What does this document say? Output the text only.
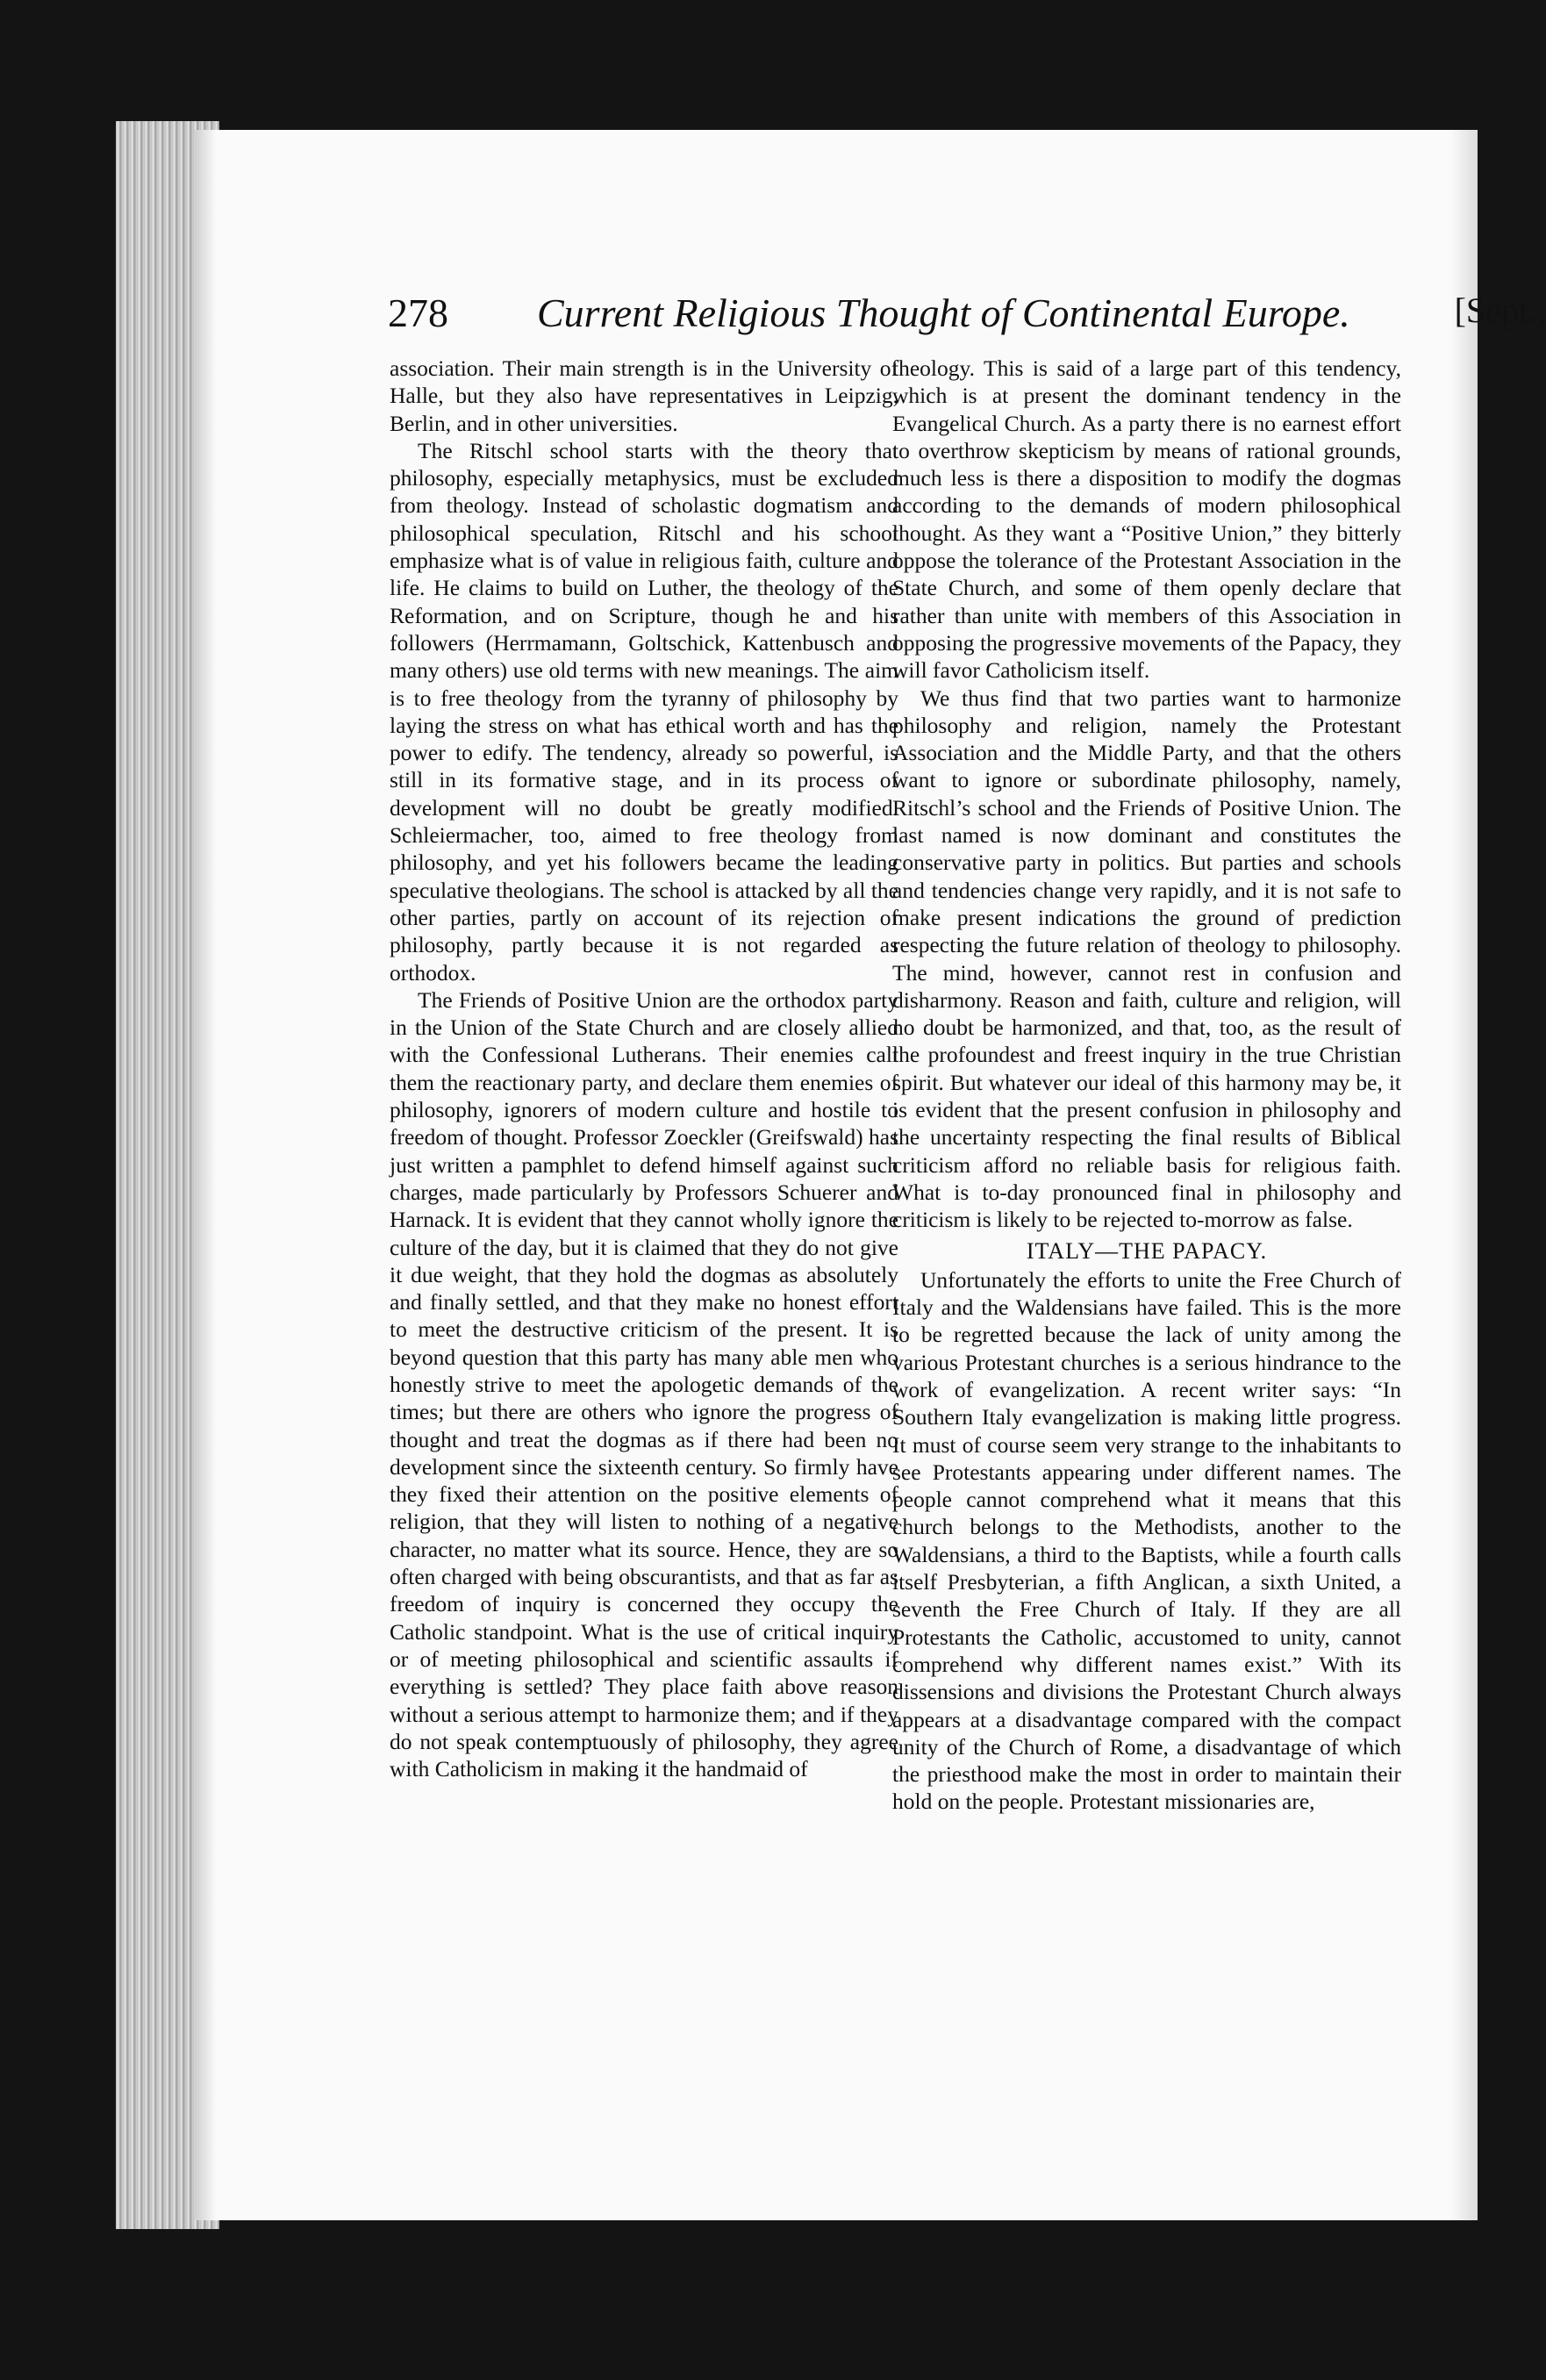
278 Current Religious Thought of Continental Europe.	[Sept.,

association. Their main strength is in the University of Halle, but they also have representatives in Leipzig, Berlin, and in other universities.

The Ritschl school starts with the theory that philosophy, especially metaphysics, must be excluded from theology. Instead of scholastic dogmatism and philosophical speculation, Ritschl and his school emphasize what is of value in religious faith, culture and life. He claims to build on Luther, the theology of the Reformation, and on Scripture, though he and his followers (Herrmamann, Goltschick, Kattenbusch and many others) use old terms with new meanings. The aim is to free theology from the tyranny of philosophy by laying the stress on what has ethical worth and has the power to edify. The tendency, already so powerful, is still in its formative stage, and in its process of development will no doubt be greatly modified. Schleiermacher, too, aimed to free theology from philosophy, and yet his followers became the leading speculative theologians. The school is attacked by all the other parties, partly on account of its rejection of philosophy, partly because it is not regarded as orthodox.

The Friends of Positive Union are the orthodox party in the Union of the State Church and are closely allied with the Confessional Lutherans. Their enemies call them the reactionary party, and declare them enemies of philosophy, ignorers of modern culture and hostile to freedom of thought. Professor Zoeckler (Greifswald) has just written a pamphlet to defend himself against such charges, made particularly by Professors Schuerer and Harnack. It is evident that they cannot wholly ignore the culture of the day, but it is claimed that they do not give it due weight, that they hold the dogmas as absolutely and finally settled, and that they make no honest effort to meet the destructive criticism of the present. It is beyond question that this party has many able men who honestly strive to meet the apologetic demands of the times; but there are others who ignore the progress of thought and treat the dogmas as if there had been no development since the sixteenth century. So firmly have they fixed their attention on the positive elements of religion, that they will listen to nothing of a negative character, no matter what its source. Hence, they are so often charged with being obscurantists, and that as far as freedom of inquiry is concerned they occupy the Catholic standpoint. What is the use of critical inquiry or of meeting philosophical and scientific assaults if everything is settled? They place faith above reason without a serious attempt to harmonize them; and if they do not speak contemptuously of philosophy, they agree with Catholicism in making it the handmaid of

theology. This is said of a large part of this tendency, which is at present the dominant tendency in the Evangelical Church. As a party there is no earnest effort to overthrow skepticism by means of rational grounds, much less is there a disposition to modify the dogmas according to the demands of modern philosophical thought. As they want a “Positive Union,” they bitterly oppose the tolerance of the Protestant Association in the State Church, and some of them openly declare that rather than unite with members of this Association in opposing the progressive movements of the Papacy, they will favor Catholicism itself.

We thus find that two parties want to harmonize philosophy and religion, namely the Protestant Association and the Middle Party, and that the others want to ignore or subordinate philosophy, namely, Ritschl’s school and the Friends of Positive Union. The last named is now dominant and constitutes the conservative party in politics. But parties and schools and tendencies change very rapidly, and it is not safe to make present indications the ground of prediction respecting the future relation of theology to philosophy. The mind, however, cannot rest in confusion and disharmony. Reason and faith, culture and religion, will no doubt be harmonized, and that, too, as the result of the profoundest and freest inquiry in the true Christian spirit. But whatever our ideal of this harmony may be, it is evident that the present confusion in philosophy and the uncertainty respecting the final results of Biblical criticism afford no reliable basis for religious faith. What is to-day pronounced final in philosophy and criticism is likely to be rejected to-morrow as false.

ITALY—THE PAPACY.

Unfortunately the efforts to unite the Free Church of Italy and the Waldensians have failed. This is the more to be regretted because the lack of unity among the various Protestant churches is a serious hindrance to the work of evangelization. A recent writer says: “In Southern Italy evangelization is making little progress. It must of course seem very strange to the inhabitants to see Protestants appearing under different names. The people cannot comprehend what it means that this church belongs to the Methodists, another to the Waldensians, a third to the Baptists, while a fourth calls itself Presbyterian, a fifth Anglican, a sixth United, a seventh the Free Church of Italy. If they are all Protestants the Catholic, accustomed to unity, cannot comprehend why different names exist.” With its dissensions and divisions the Protestant Church always appears at a disadvantage compared with the compact unity of the Church of Rome, a disadvantage of which the priesthood make the most in order to maintain their hold on the people. Protestant missionaries are,
